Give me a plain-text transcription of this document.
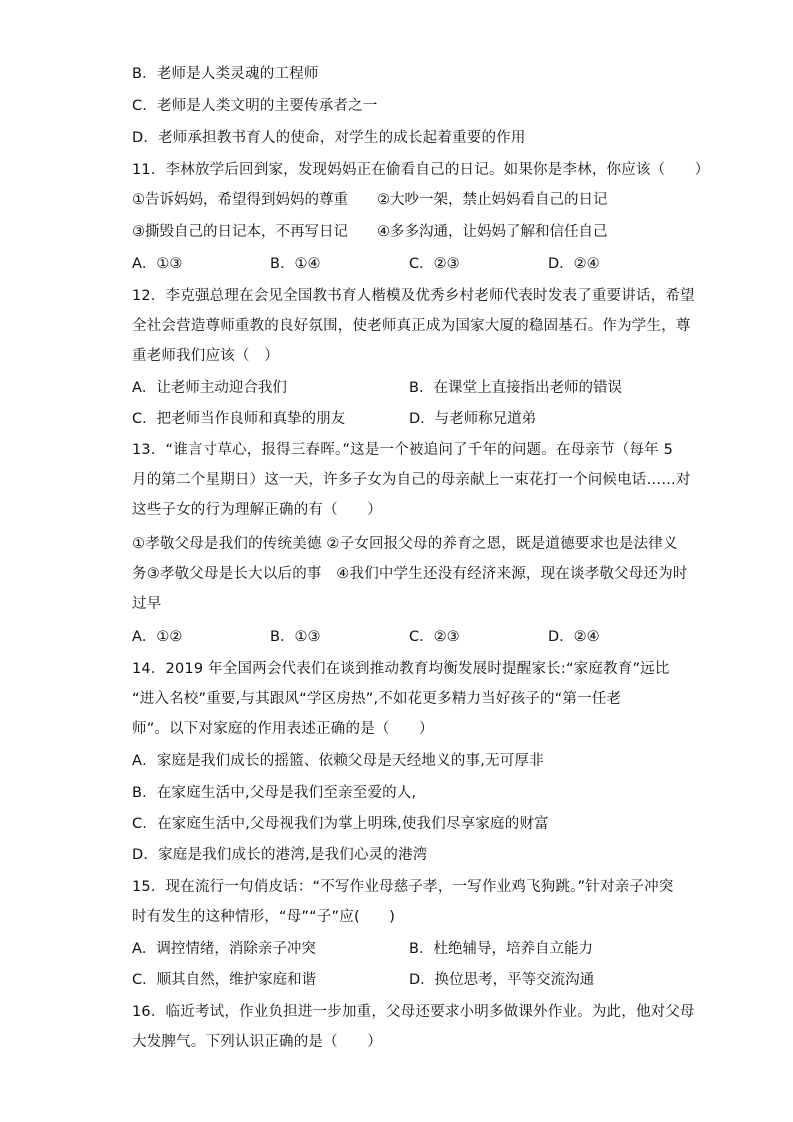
B．老师是人类灵魂的工程师
C．老师是人类文明的主要传承者之一
D．老师承担教书育人的使命，对学生的成长起着重要的作用
11．李林放学后回到家，发现妈妈正在偷看自己的日记。如果你是李林，你应该（　　）
①告诉妈妈，希望得到妈妈的尊重 ②大吵一架，禁止妈妈看自己的日记
③撕毁自己的日记本，不再写日记 ④多多沟通，让妈妈了解和信任自己
A．①③	B．①④	C．②③	D．②④
12．李克强总理在会见全国教书育人楷模及优秀乡村老师代表时发表了重要讲话，希望
全社会营造尊师重教的良好氛围，使老师真正成为国家大厦的稳固基石。作为学生，尊
重老师我们应该（　）
A．让老师主动迎合我们	B．在课堂上直接指出老师的错误
C．把老师当作良师和真挚的朋友	D．与老师称兄道弟
13．“谁言寸草心，报得三春晖。”这是一个被追问了千年的问题。在母亲节（每年 5
月的第二个星期日）这一天，许多子女为自己的母亲献上一束花打一个问候电话……对
这些子女的行为理解正确的有（　　）
①孝敬父母是我们的传统美德 ②子女回报父母的养育之恩，既是道德要求也是法律义
务③孝敬父母是长大以后的事　④我们中学生还没有经济来源，现在谈孝敬父母还为时
过早
A．①②	B．①③	C．②③	D．②④
14．2019 年全国两会代表们在谈到推动教育均衡发展时提醒家长:“家庭教育”远比
“进入名校”重要,与其跟风“学区房热”,不如花更多精力当好孩子的“第一任老
师”。以下对家庭的作用表述正确的是（　　）
A．家庭是我们成长的摇篮、依赖父母是天经地义的事,无可厚非
B．在家庭生活中,父母是我们至亲至爱的人,
C．在家庭生活中,父母视我们为掌上明珠,使我们尽享家庭的财富
D．家庭是我们成长的港湾,是我们心灵的港湾
15．现在流行一句俏皮话：“不写作业母慈子孝，一写作业鸡飞狗跳。”针对亲子冲突
时有发生的这种情形，“母”“子”应(　　)
A．调控情绪，消除亲子冲突	B．杜绝辅导，培养自立能力
C．顺其自然，维护家庭和谐	D．换位思考，平等交流沟通
16．临近考试，作业负担进一步加重，父母还要求小明多做课外作业。为此，他对父母
大发脾气。下列认识正确的是（　　）
